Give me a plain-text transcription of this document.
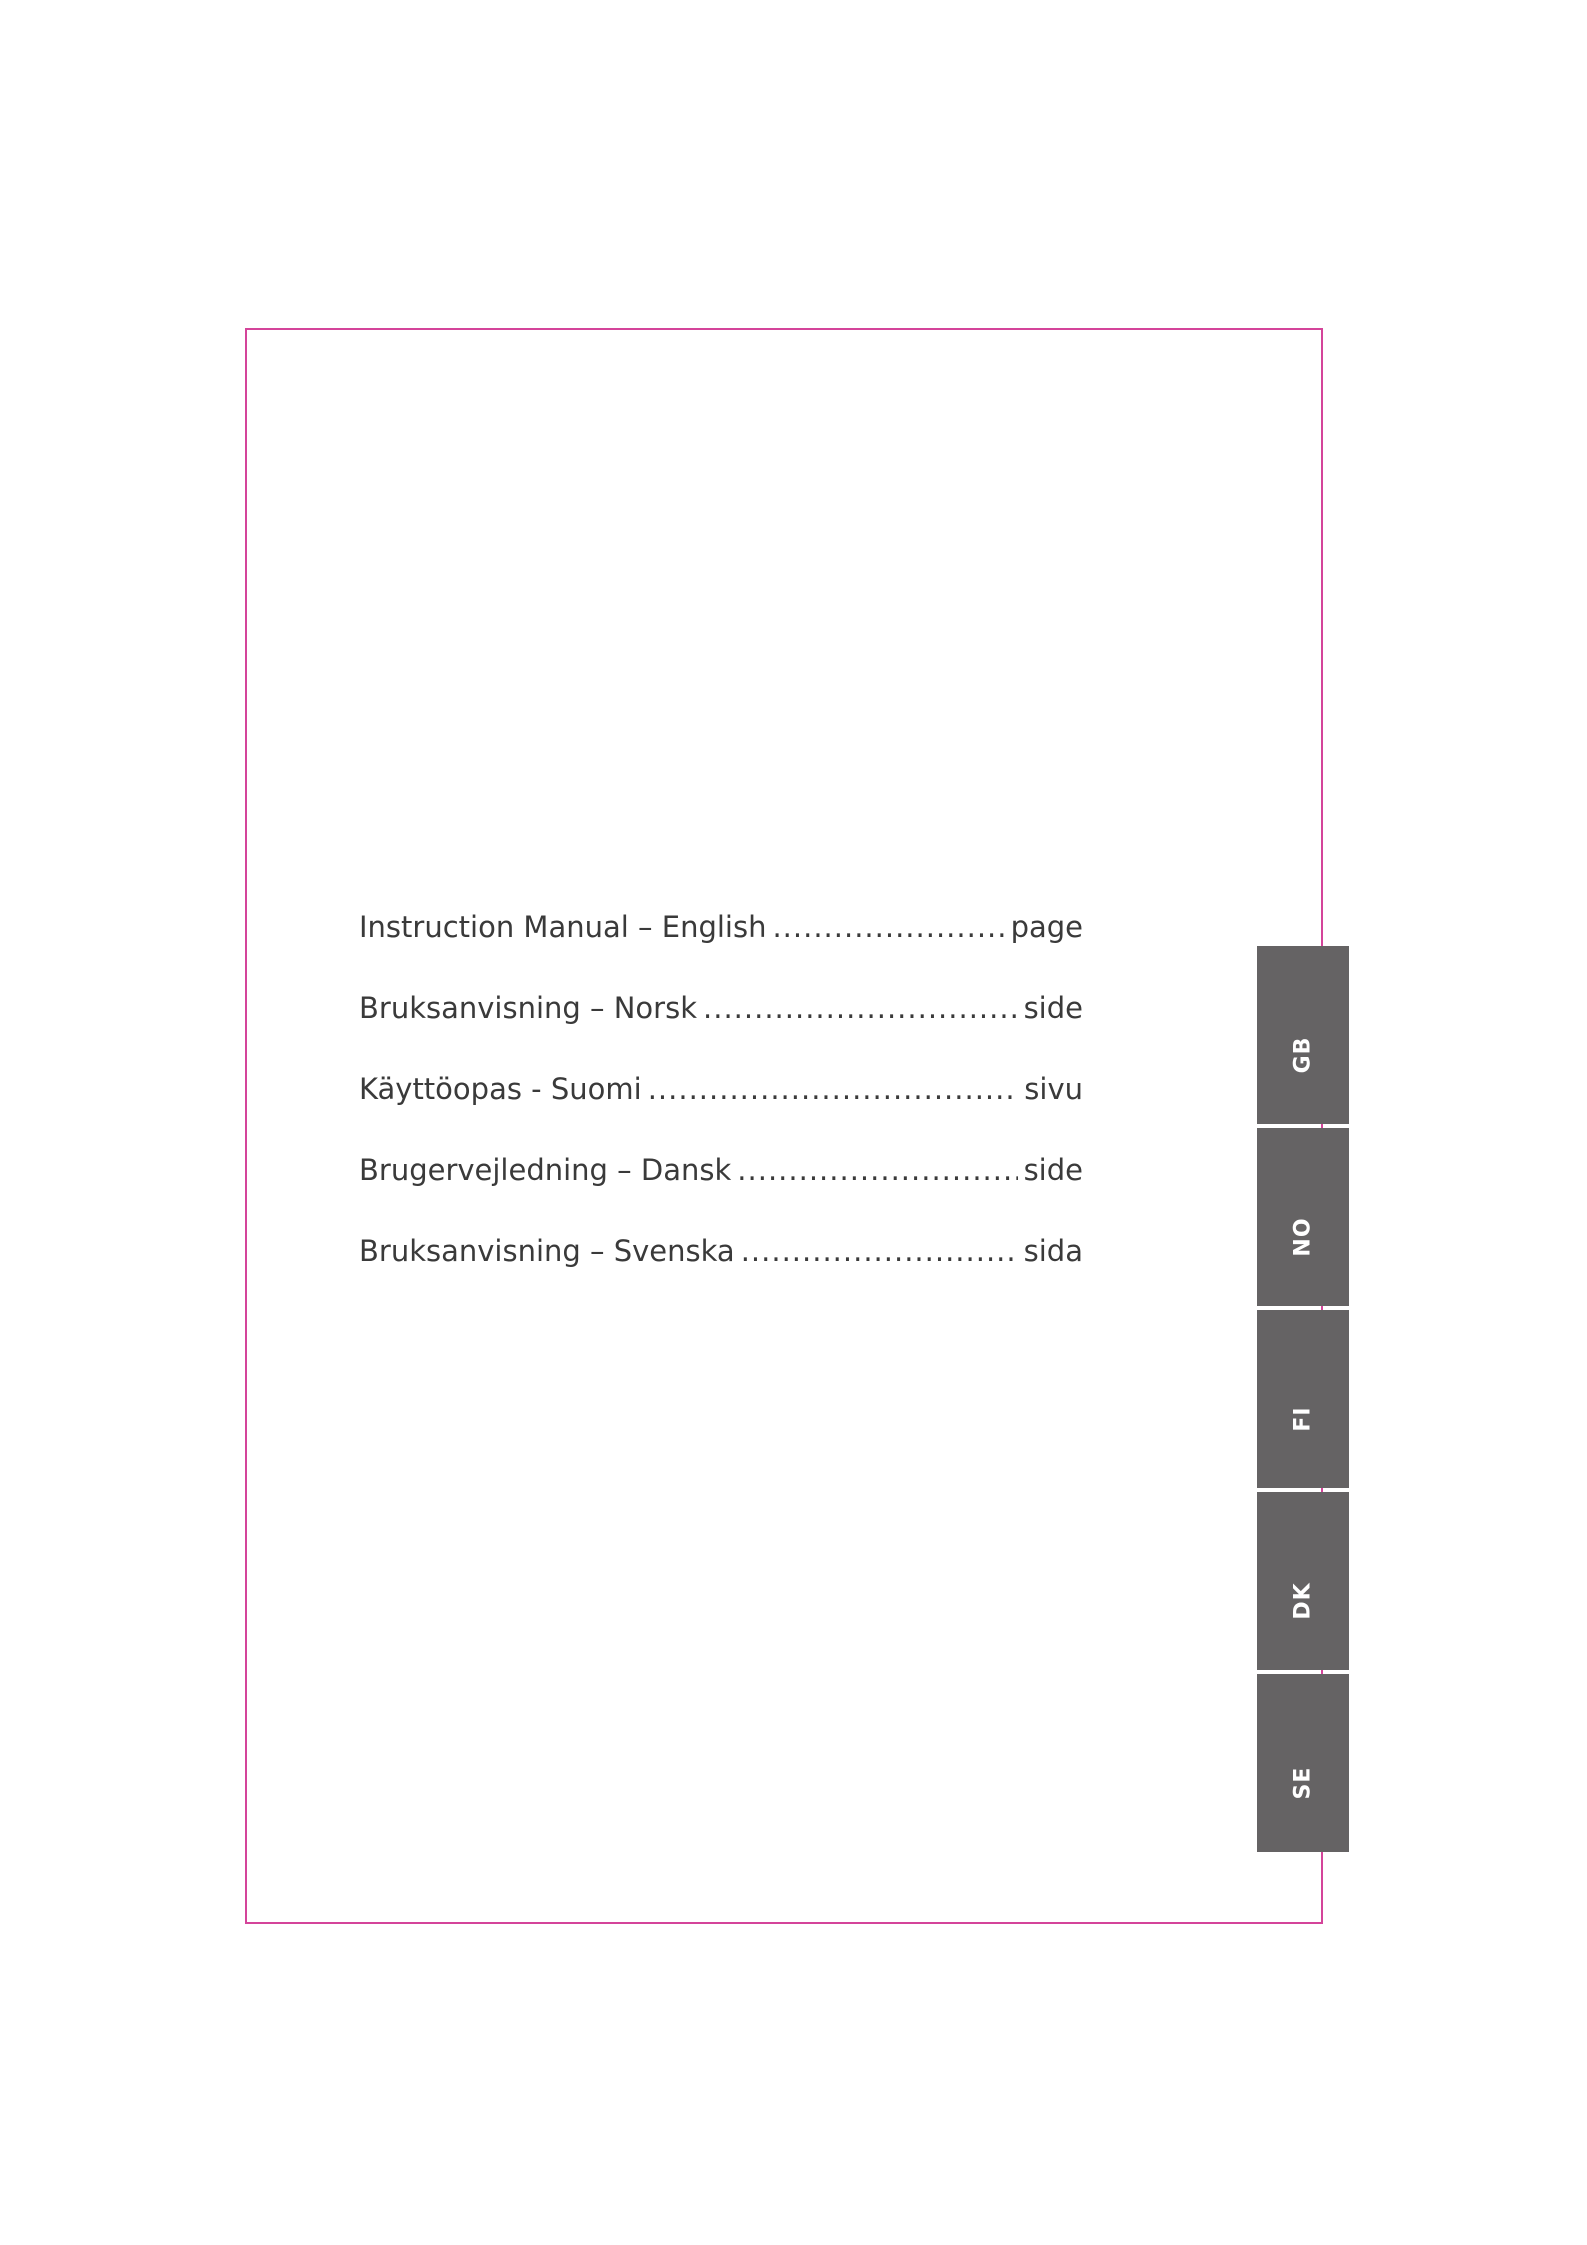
Instruction Manual – English .....	page
Bruksanvisning – Norsk .....	side
Käyttöopas - Suomi .....	sivu
Brugervejledning – Dansk .....	side
Bruksanvisning – Svenska .....	sida
GB
NO
FI
DK
SE
